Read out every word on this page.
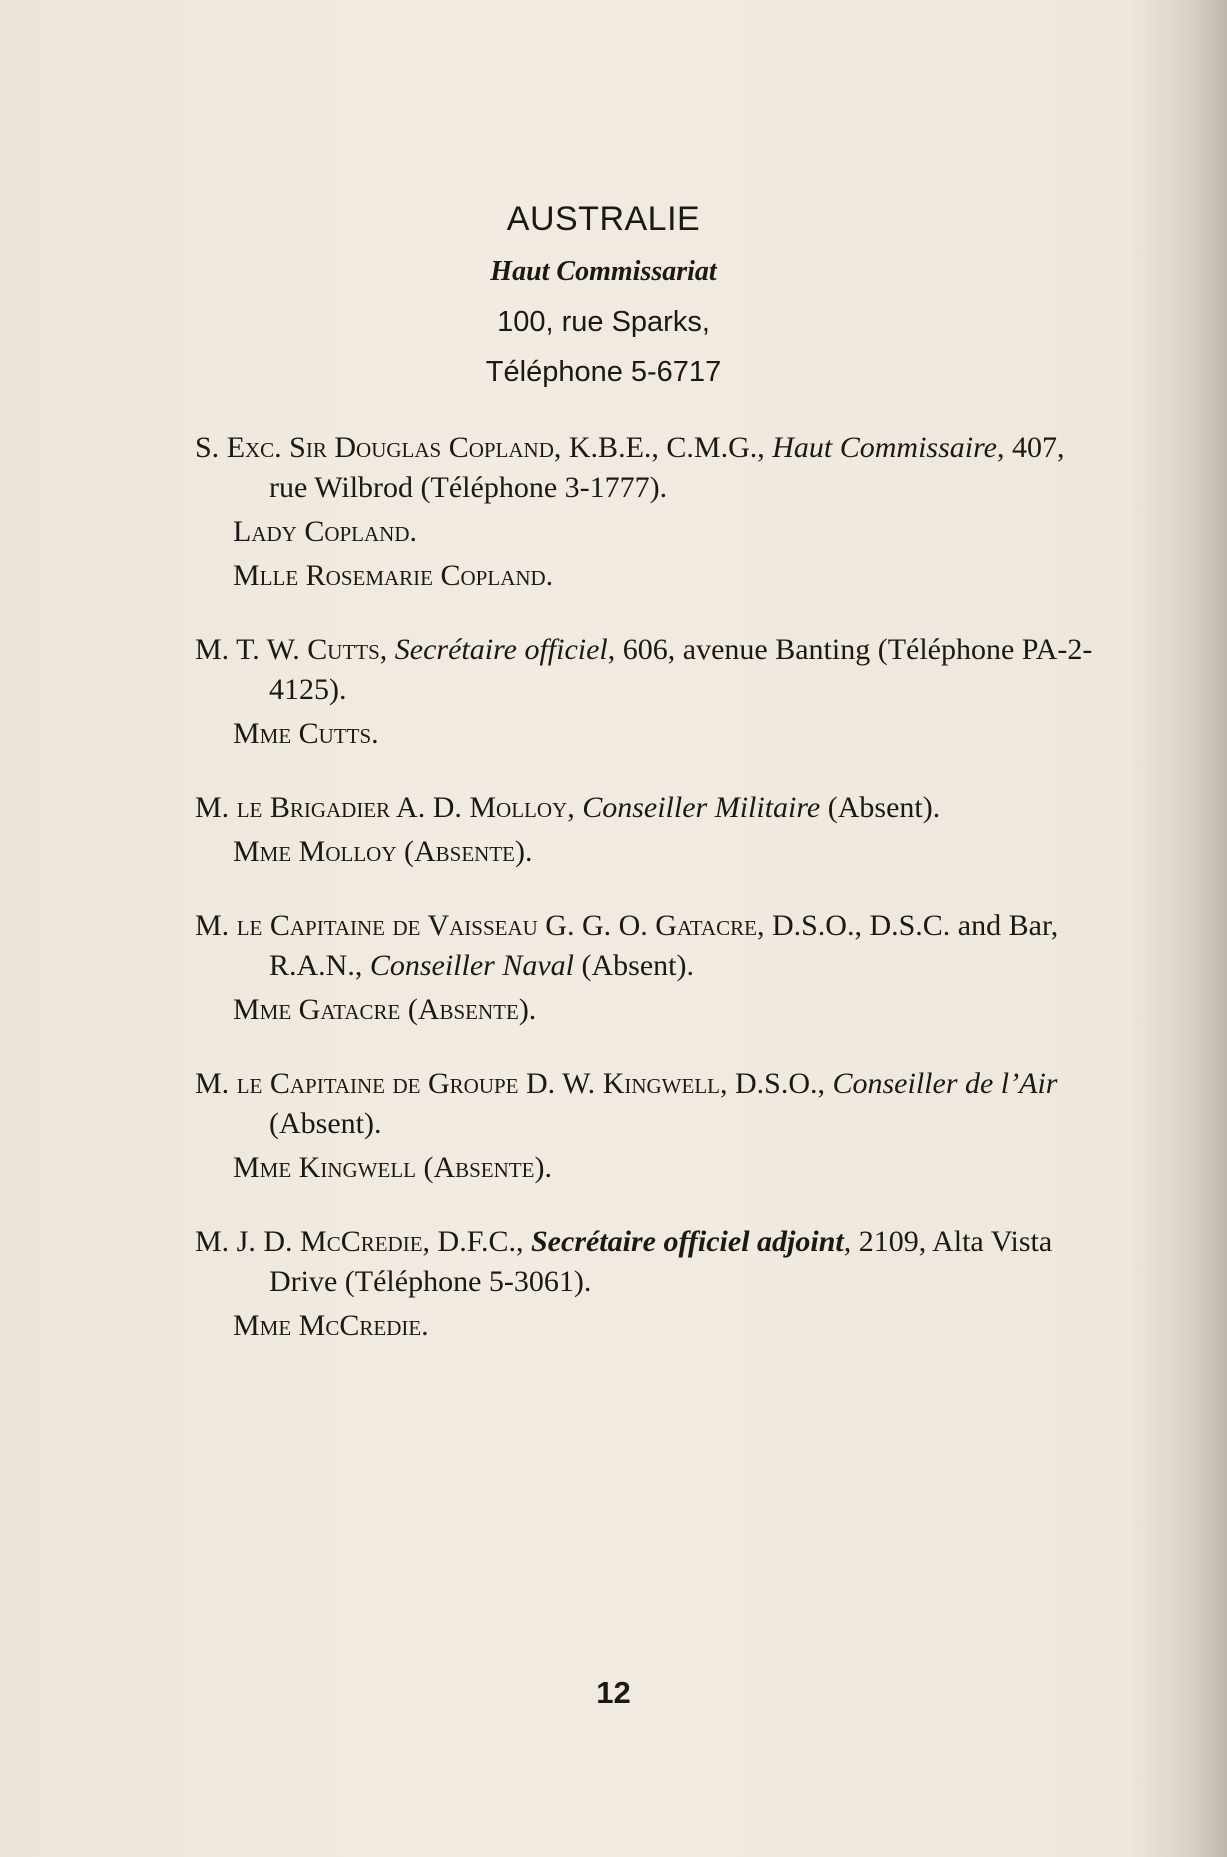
AUSTRALIE
Haut Commissariat
100, rue Sparks,
Téléphone 5-6717
S. Exc. Sir Douglas Copland, K.B.E., C.M.G., Haut Commissaire, 407, rue Wilbrod (Téléphone 3-1777).
Lady Copland.
Mlle Rosemarie Copland.
M. T. W. Cutts, Secrétaire officiel, 606, avenue Banting (Téléphone PA-2-4125).
Mme Cutts.
M. le Brigadier A. D. Molloy, Conseiller Militaire (Absent).
Mme Molloy (Absente).
M. le Capitaine de Vaisseau G. G. O. Gatacre, D.S.O., D.S.C. and Bar, R.A.N., Conseiller Naval (Absent).
Mme Gatacre (Absente).
M. le Capitaine de Groupe D. W. Kingwell, D.S.O., Conseiller de l’Air (Absent).
Mme Kingwell (Absente).
M. J. D. McCredie, D.F.C., Secrétaire officiel adjoint, 2109, Alta Vista Drive (Téléphone 5-3061).
Mme McCredie.
12
